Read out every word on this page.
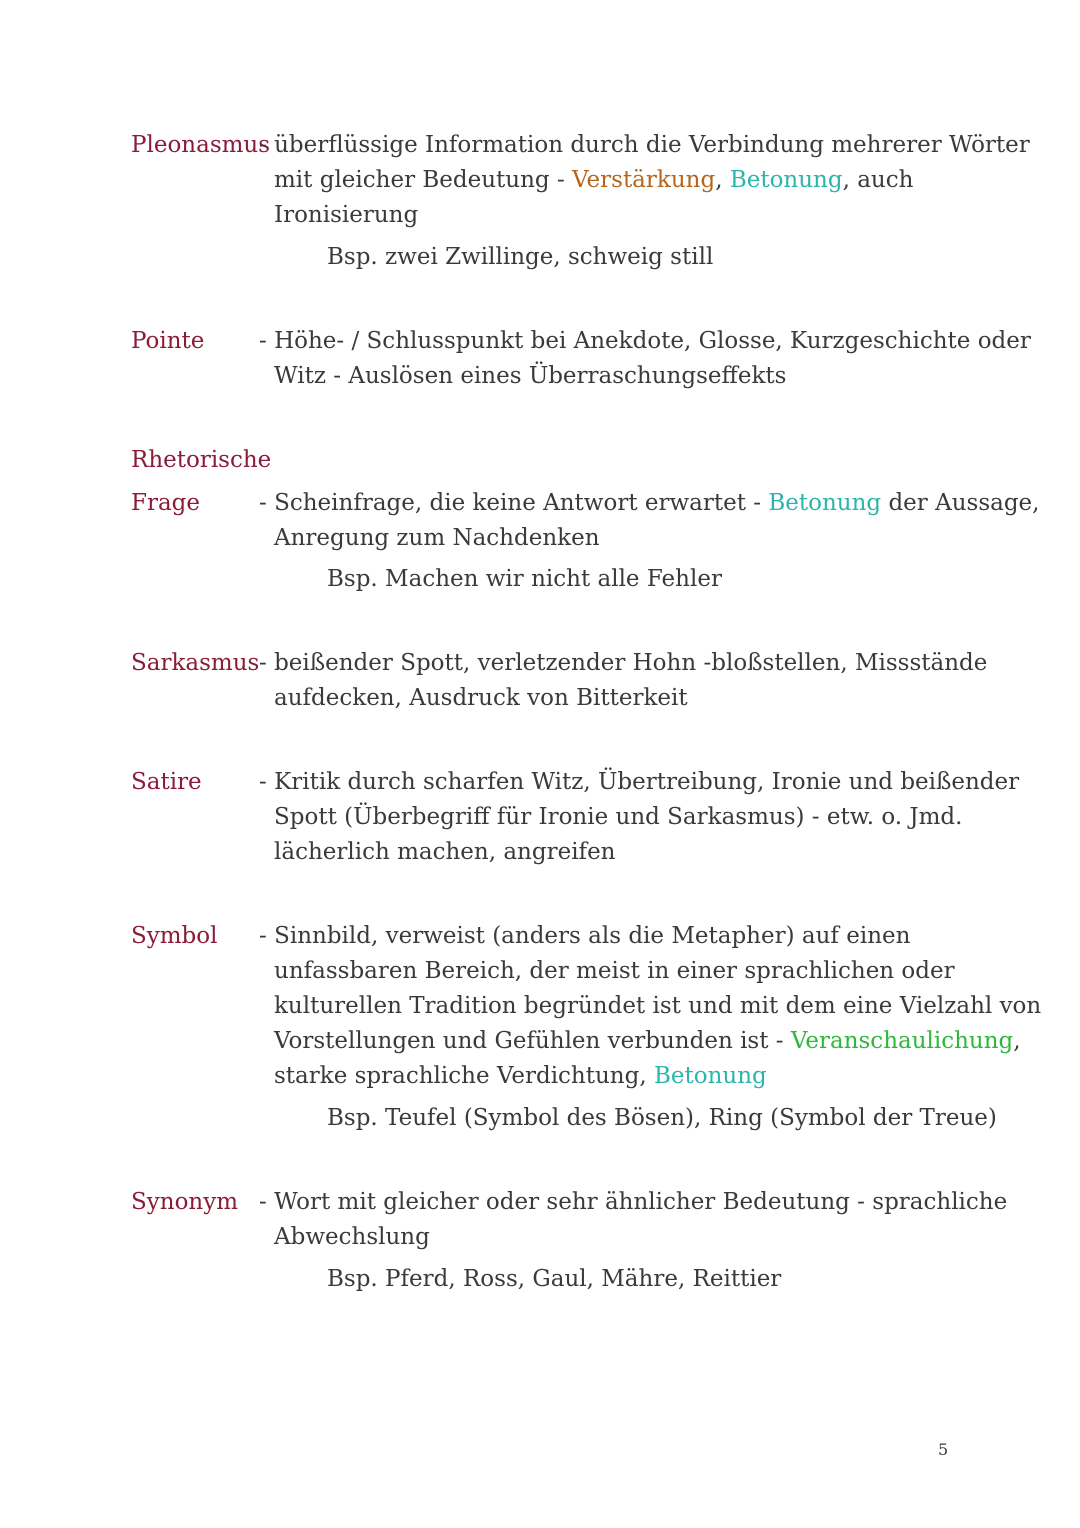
Pleonasmus
- überflüssige Information durch die Verbindung mehrerer Wörter
mit gleicher Bedeutung - Verstärkung, Betonung, auch
Ironisierung
Bsp. zwei Zwillinge, schweig still
Pointe - Höhe- / Schlusspunkt bei Anekdote, Glosse, Kurzgeschichte oder
Witz - Auslösen eines Überraschungseffekts
Rhetorische
Frage	- Scheinfrage, die keine Antwort erwartet - Betonung der Aussage,
Anregung zum Nachdenken
Bsp. Machen wir nicht alle Fehler
Sarkasmus - beißender Spott, verletzender Hohn -bloßstellen, Missstände
aufdecken, Ausdruck von Bitterkeit
Satire - Kritik durch scharfen Witz, Übertreibung, Ironie und beißender
Spott (Überbegriff für Ironie und Sarkasmus) - etw. o. Jmd.
lächerlich machen, angreifen
Symbol - Sinnbild, verweist (anders als die Metapher) auf einen
unfassbaren Bereich, der meist in einer sprachlichen oder
kulturellen Tradition begründet ist und mit dem eine Vielzahl von
Vorstellungen und Gefühlen verbunden ist - Veranschaulichung,
starke sprachliche Verdichtung, Betonung
Bsp. Teufel (Symbol des Bösen), Ring (Symbol der Treue)
Synonym - Wort mit gleicher oder sehr ähnlicher Bedeutung - sprachliche
Abwechslung
Bsp. Pferd, Ross, Gaul, Mähre, Reittier
5
